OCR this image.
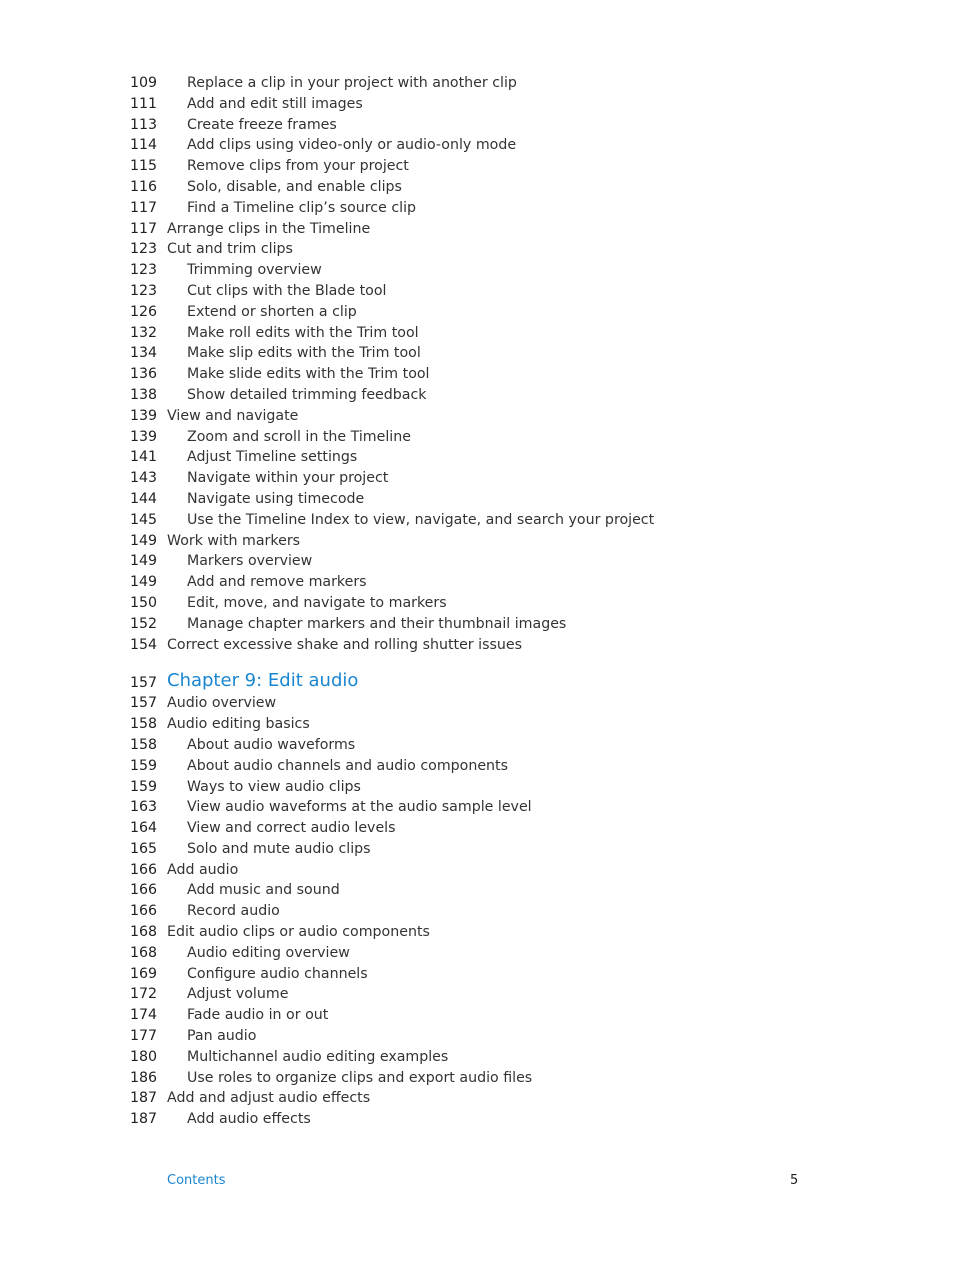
109 Replace a clip in your project with another clip
111 Add and edit still images
113 Create freeze frames
114 Add clips using video-only or audio-only mode
115 Remove clips from your project
116 Solo, disable, and enable clips
117 Find a Timeline clip’s source clip
117 Arrange clips in the Timeline
123 Cut and trim clips
123 Trimming overview
123 Cut clips with the Blade tool
126 Extend or shorten a clip
132 Make roll edits with the Trim tool
134 Make slip edits with the Trim tool
136 Make slide edits with the Trim tool
138 Show detailed trimming feedback
139 View and navigate
139 Zoom and scroll in the Timeline
141 Adjust Timeline settings
143 Navigate within your project
144 Navigate using timecode
145 Use the Timeline Index to view, navigate, and search your project
149 Work with markers
149 Markers overview
149 Add and remove markers
150 Edit, move, and navigate to markers
152 Manage chapter markers and their thumbnail images
154 Correct excessive shake and rolling shutter issues
157 Chapter 9: Edit audio
157 Audio overview
158 Audio editing basics
158 About audio waveforms
159 About audio channels and audio components
159 Ways to view audio clips
163 View audio waveforms at the audio sample level
164 View and correct audio levels
165 Solo and mute audio clips
166 Add audio
166 Add music and sound
166 Record audio
168 Edit audio clips or audio components
168 Audio editing overview
169 Configure audio channels
172 Adjust volume
174 Fade audio in or out
177 Pan audio
180 Multichannel audio editing examples
186 Use roles to organize clips and export audio files
187 Add and adjust audio effects
187 Add audio effects
Contents	5
